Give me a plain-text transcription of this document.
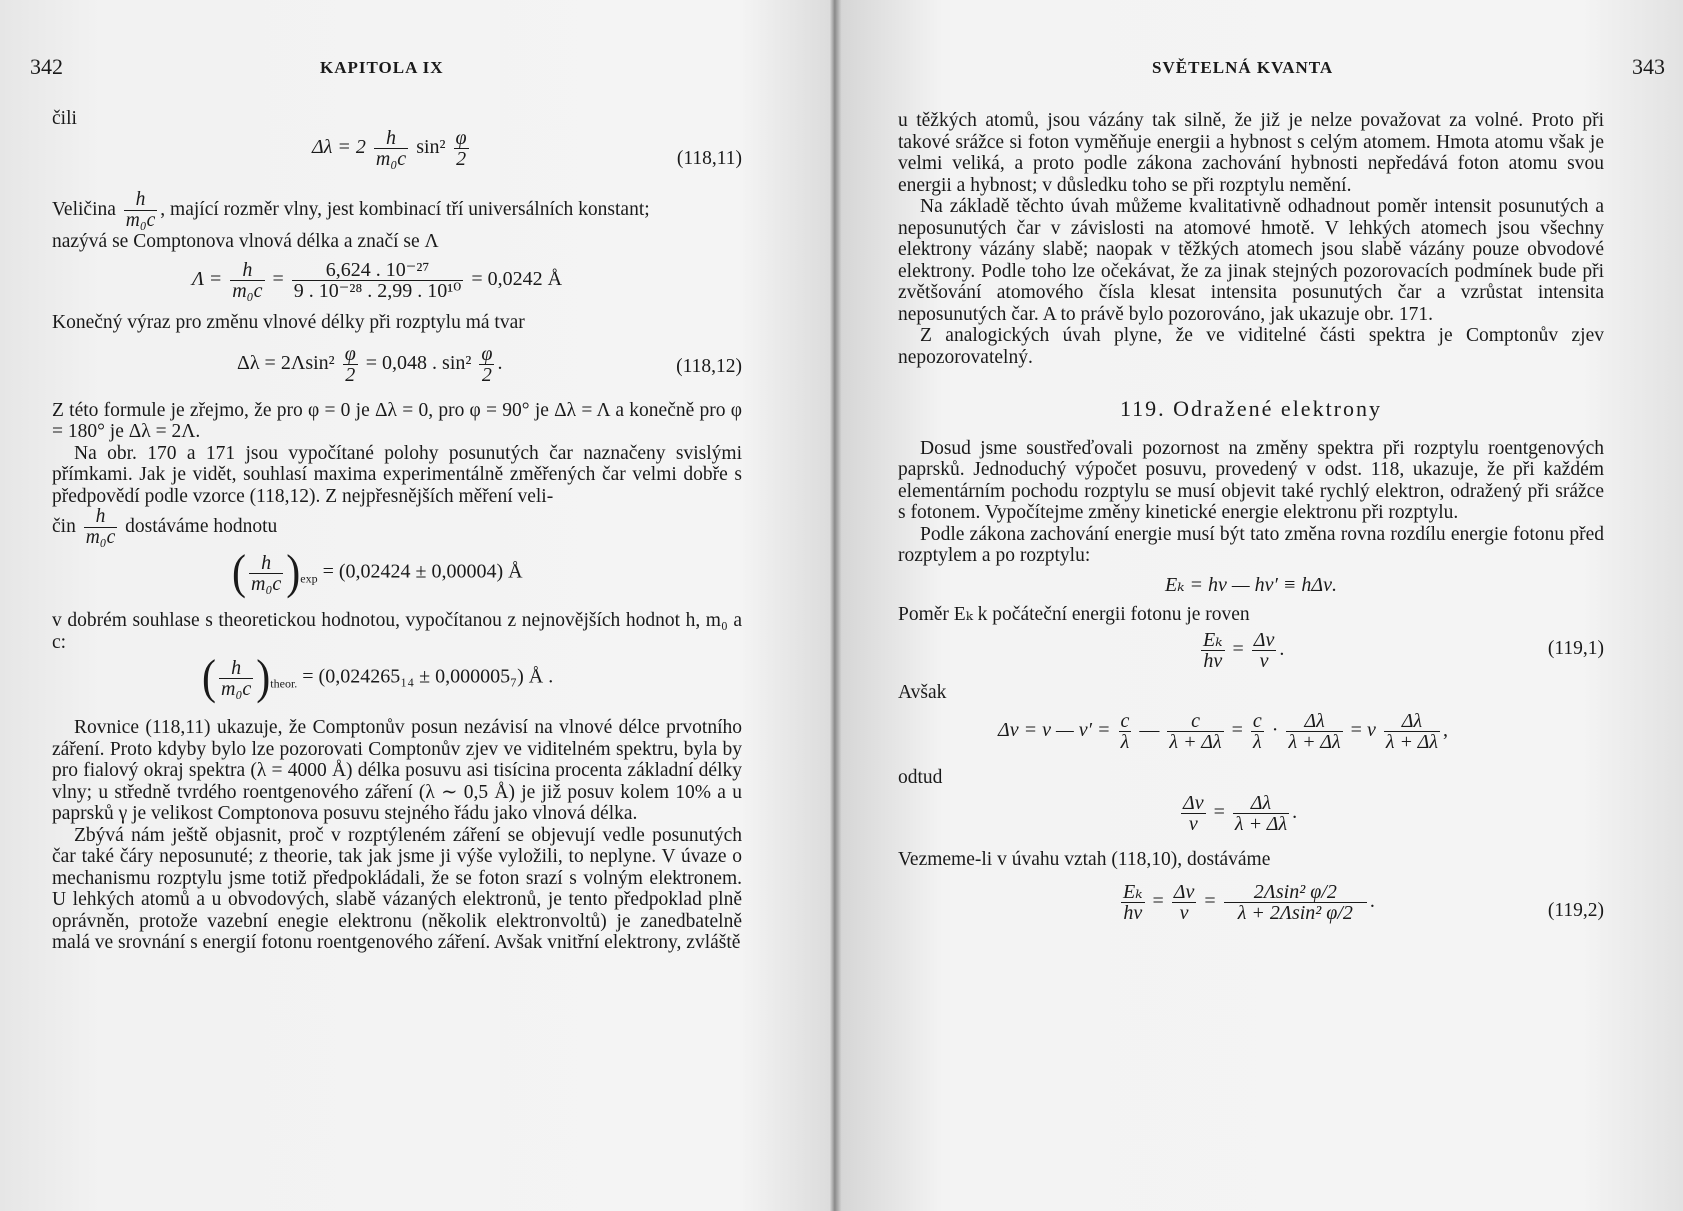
342	KAPITOLA IX

čili

$\Delta\lambda = 2 \frac{h}{\text{m₀c}} \sin^2 \frac{\varphi}{2}$	(118,11)

Veličina $\frac{h}{\text{m₀c}}$ , mající rozměr vlny, jest kombinací tří universálních konstant;

nazývá se Comptonova vlnová délka a značí se Λ

$\Lambda = \frac{h}{\text{m₀c}} = \frac{\text{6,624 . 10⁻²⁷}}{\text{9 . 10⁻²⁸ . 2,99 . 10¹⁰}} = 0,0242$ Å

Konečný výraz pro změnu vlnové délky při rozptylu má tvar

$\Delta\lambda = 2\Lambda\sin^2 \frac{\varphi}{2} = 0,048$ . $\sin^2 \frac{\varphi}{2}$ .	(118,12)

Z této formule je zřejmo, že pro φ = 0 je Δλ = 0, pro φ = 90° je Δλ = Λ a konečně pro φ = 180° je Δλ = 2Λ.

Na obr. 170 a 171 jsou vypočítané polohy posunutých čar naznačeny svislými přímkami. Jak je vidět, souhlasí maxima experimentálně změřených čar velmi dobře s předpovědí podle vzorce (118,12). Z nejpřesnějších měření veli-

čin $\frac{h}{\text{m₀c}}$ dostáváme hodnotu

( $\frac{h}{\text{m₀c}} )_{exp} = (0,02424 \pm 0,00004)$ Å

v dobrém souhlase s theoretickou hodnotou, vypočítanou z nejnovějších hodnot h, m₀ a c:

( $\frac{h}{\text{m₀c}} )_{theor.} = (0,024265_{14} \pm 0,000005_7)$ Å .

Rovnice (118,11) ukazuje, že Comptonův posun nezávisí na vlnové délce prvotního záření. Proto kdyby bylo lze pozorovati Comptonův zjev ve viditelném spektru, byla by pro fialový okraj spektra (λ = 4000 Å) délka posuvu asi tisícina procenta základní délky vlny; u středně tvrdého roentgenového záření (λ ∼ 0,5 Å) je již posuv kolem 10% a u paprsků γ je velikost Comptonova posuvu stejného řádu jako vlnová délka.

Zbývá nám ještě objasnit, proč v rozptýleném záření se objevují vedle posunutých čar také čáry neposunuté; z theorie, tak jak jsme ji výše vyložili, to neplyne. V úvaze o mechanismu rozptylu jsme totiž předpokládali, že se foton srazí s volným elektronem. U lehkých atomů a u obvodových, slabě vázaných elektronů, je tento předpoklad plně oprávněn, protože vazební enegie elektronu (několik elektronvoltů) je zanedbatelně malá ve srovnání s energií fotonu roentgenového záření. Avšak vnitřní elektrony, zvláště

SVĚTELNÁ KVANTA	343

u těžkých atomů, jsou vázány tak silně, že již je nelze považovat za volné. Proto při takové srážce si foton vyměňuje energii a hybnost s celým atomem. Hmota atomu však je velmi veliká, a proto podle zákona zachování hybnosti nepředává foton atomu svou energii a hybnost; v důsledku toho se při rozptylu nemění.

Na základě těchto úvah můžeme kvalitativně odhadnout poměr intensit posunutých a neposunutých čar v závislosti na atomové hmotě. V lehkých atomech jsou všechny elektrony vázány slabě; naopak v těžkých atomech jsou slabě vázány pouze obvodové elektrony. Podle toho lze očekávat, že za jinak stejných pozorovacích podmínek bude při zvětšování atomového čísla klesat intensita posunutých čar a vzrůstat intensita neposunutých čar. A to právě bylo pozorováno, jak ukazuje obr. 171.

Z analogických úvah plyne, že ve viditelné části spektra je Comptonův zjev nepozorovatelný.

119. Odražené elektrony

Dosud jsme soustřeďovali pozornost na změny spektra při rozptylu roentgenových paprsků. Jednoduchý výpočet posuvu, provedený v odst. 118, ukazuje, že při každém elementárním pochodu rozptylu se musí objevit také rychlý elektron, odražený při srážce s fotonem. Vypočítejme změny kinetické energie elektronu při rozptylu.

Podle zákona zachování energie musí být tato změna rovna rozdílu energie fotonu před rozptylem a po rozptylu:

Eₖ = hν — hν′ ≡ hΔν.

Poměr Eₖ k počáteční energii fotonu je roven

$\frac{\text{Eₖ}}{h\nu} = \frac{\Delta\nu}{\nu}$ .	(119,1)

Avšak

Δν = ν — $\nu' = \frac{c}{\lambda}$ — $\frac{c}{\lambda + \Delta\lambda} = \frac{c}{\lambda} \cdot \frac{\Delta\lambda}{\lambda + \Delta\lambda} = \nu \frac{\Delta\lambda}{\lambda + \Delta\lambda}$ ,

odtud

$\frac{\Delta\nu}{\nu} = \frac{\Delta\lambda}{\lambda + \Delta\lambda}$ .

Vezmeme-li v úvahu vztah (118,10), dostáváme

$\frac{\text{Eₖ}}{h\nu} = \frac{\Delta\nu}{\nu} = \frac{\text{2Λsin² φ/2}}{\text{λ + 2Λsin² φ/2}}$ .	(119,2)
